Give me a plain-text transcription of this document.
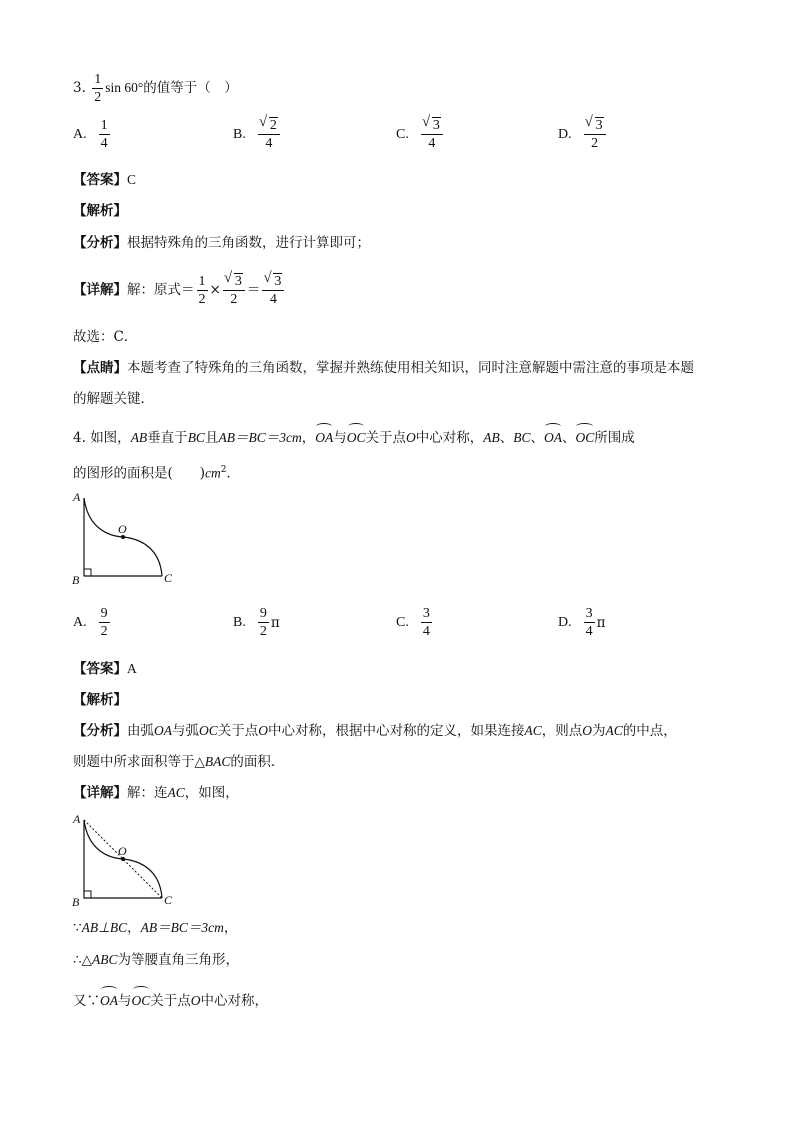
3. $\frac{1}{2}$ sin 60°的值等于（　）
A. $\frac{1}{4}$	B. √ $\frac{2}{4}$	C. √ $\frac{3}{4}$	D. √ $\frac{3}{2}$
【答案】C
【解析】
【分析】根据特殊角的三角函数，进行计算即可；
【详解】解：原式＝ $\frac{1}{2}$ × √ $\frac{3}{2}$ ＝ √ $\frac{3}{4}$
故选：C．
【点睛】本题考查了特殊角的三角函数，掌握并熟练使用相关知识，同时注意解题中需注意的事项是本题
的解题关键．
4. 如图，AB垂直于BC且AB＝BC＝3cm，OA与OC关于点O中心对称，AB、BC、OA、OC所围成
的图形的面积是(　　)$cm^2$．
A
B	C
O
A. $\frac{9}{2}$	B. $\frac{9}{2}$ π	C. $\frac{3}{4}$	D. $\frac{3}{4}$ π
【答案】A
【解析】
【分析】由弧OA与弧OC关于点O中心对称，根据中心对称的定义，如果连接AC，则点O为AC的中点，
则题中所求面积等于△BAC的面积．
【详解】解：连AC，如图，
A
B	C
O
∵AB⊥BC，AB＝BC＝3cm，
∴△ABC为等腰直角三角形，
又∵OA与OC关于点O中心对称，
